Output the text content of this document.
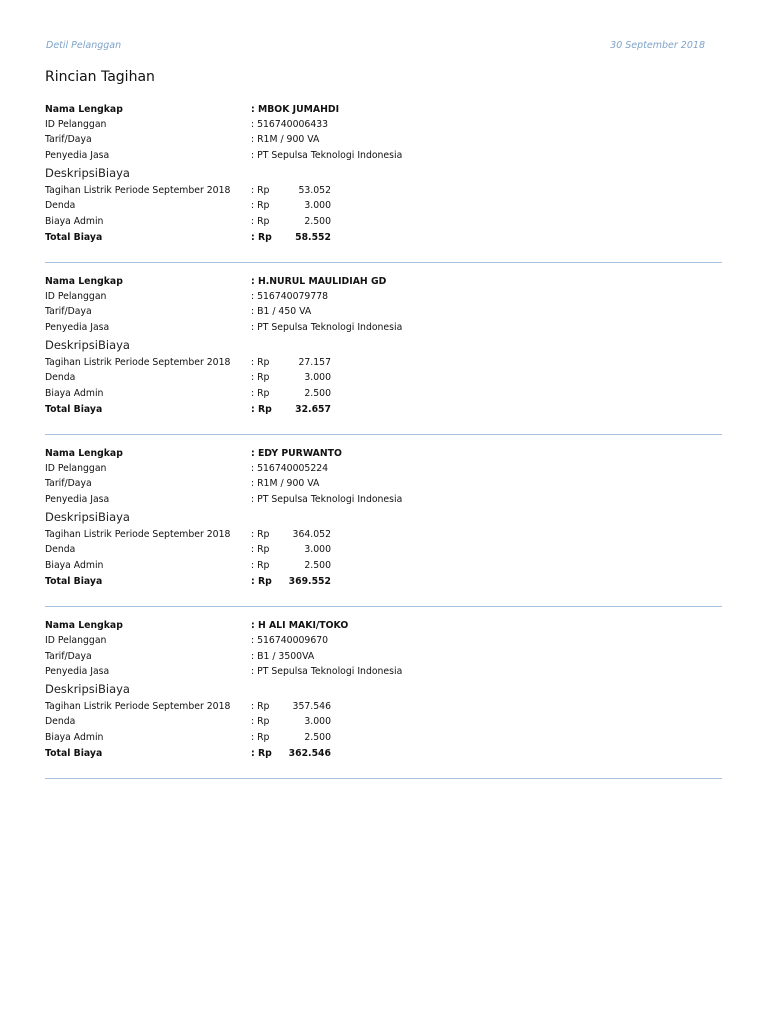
Detil Pelanggan	30 September 2018
Rincian Tagihan
Nama Lengkap	: MBOK JUMAHDI
ID Pelanggan	: 516740006433
Tarif/Daya	: R1M / 900 VA
Penyedia Jasa	: PT Sepulsa Teknologi Indonesia
DeskripsiBiaya
Tagihan Listrik Periode September 2018 : Rp	53.052
Denda	: Rp	3.000
Biaya Admin	: Rp	2.500
Total Biaya	: Rp	58.552
Nama Lengkap	: H.NURUL MAULIDIAH GD
ID Pelanggan	: 516740079778
Tarif/Daya	: B1 / 450 VA
Penyedia Jasa	: PT Sepulsa Teknologi Indonesia
DeskripsiBiaya
Tagihan Listrik Periode September 2018 : Rp	27.157
Denda	: Rp	3.000
Biaya Admin	: Rp	2.500
Total Biaya	: Rp	32.657
Nama Lengkap	: EDY PURWANTO
ID Pelanggan	: 516740005224
Tarif/Daya	: R1M / 900 VA
Penyedia Jasa	: PT Sepulsa Teknologi Indonesia
DeskripsiBiaya
Tagihan Listrik Periode September 2018 : Rp	364.052
Denda	: Rp	3.000
Biaya Admin	: Rp	2.500
Total Biaya	: Rp	369.552
Nama Lengkap	: H ALI MAKI/TOKO
ID Pelanggan	: 516740009670
Tarif/Daya	: B1 / 3500VA
Penyedia Jasa	: PT Sepulsa Teknologi Indonesia
DeskripsiBiaya
Tagihan Listrik Periode September 2018 : Rp	357.546
Denda	: Rp	3.000
Biaya Admin	: Rp	2.500
Total Biaya	: Rp	362.546
